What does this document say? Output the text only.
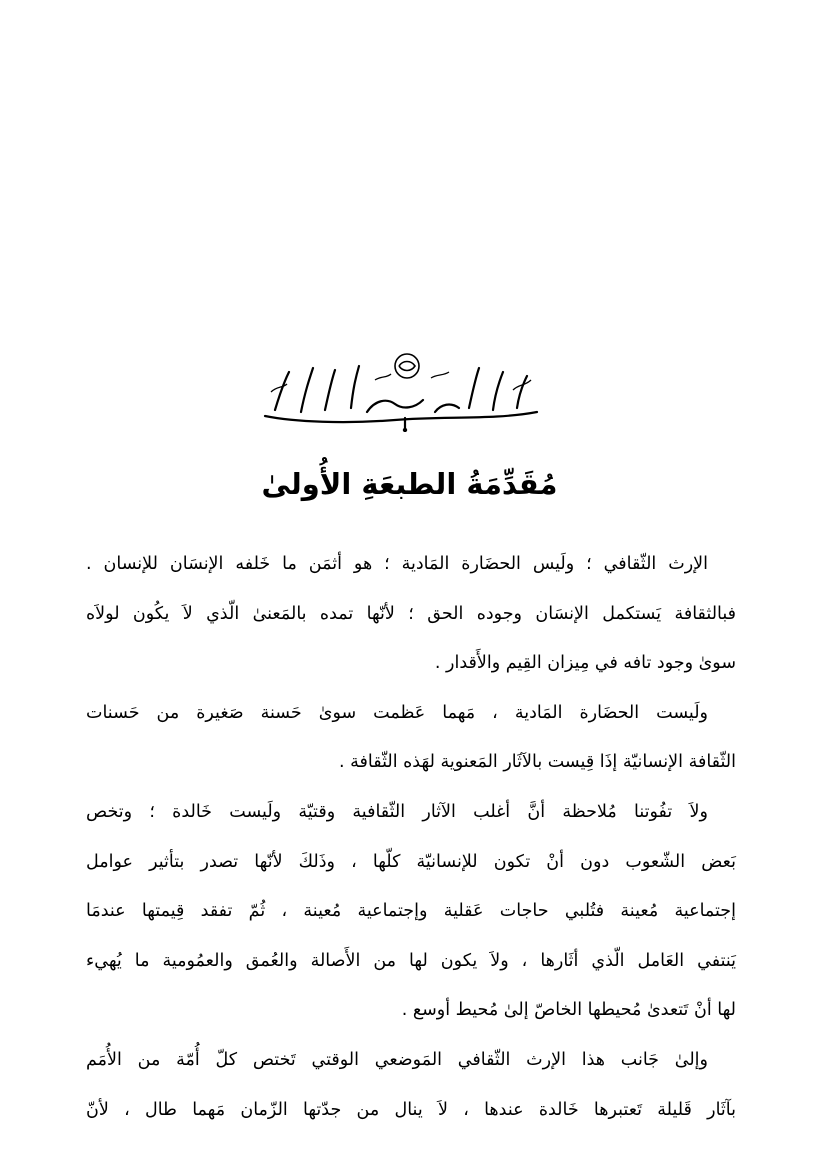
مُقَدِّمَةُ الطبعَةِ الأُولىٰ
الإرث الثّقافي ؛ ولَيس الحضَارة المَادية ؛ هو أثمَن ما خَلفه الإنسَان للإنسان .
فبالثقافة يَستكمل الإنسَان وجوده الحق ؛ لأنّها تمده بالمَعنىٰ الّذي لاَ يكُون لولاَه
سوىٰ وجود تافه في مِيزان القِيم والأَقدار .
ولَيست الحضَارة المَادية ، مَهما عَظمت سوىٰ حَسنة صَغيرة من حَسنات
الثّقافة الإنسانيّة إذَا قِيست بالآثَار المَعنوية لهَذه الثّقافة .
ولاَ تفُوتنا مُلاحظة أنَّ أغلب الآثار الثّقافية وقتيّة ولَيست خَالدة ؛ وتخص
بَعض الشّعوب دون أنْ تكون للإنسانيّة كلّها ، وذَلكَ لأنّها تصدر بتأثير عوامل
إجتماعية مُعينة فتُلبي حاجات عَقلية وإجتماعية مُعينة ، ثُمّ تفقد قِيمتها عندمَا
يَنتفي العَامل الّذي أثَارها ، ولاَ يكون لها من الأَصالة والعُمق والعمُومية ما يُهيء
لها أنْ تَتعدىٰ مُحيطها الخاصّ إلىٰ مُحيط أوسع .
وإلىٰ جَانب هذا الإرث الثّقافي المَوضعي الوقتي تَختص كلّ أُمّة من الأُمَم
بآثَار قَليلة تَعتبرها خَالدة عندها ، لاَ ينال من جدّتها الزّمان مَهما طال ، لأنّ
